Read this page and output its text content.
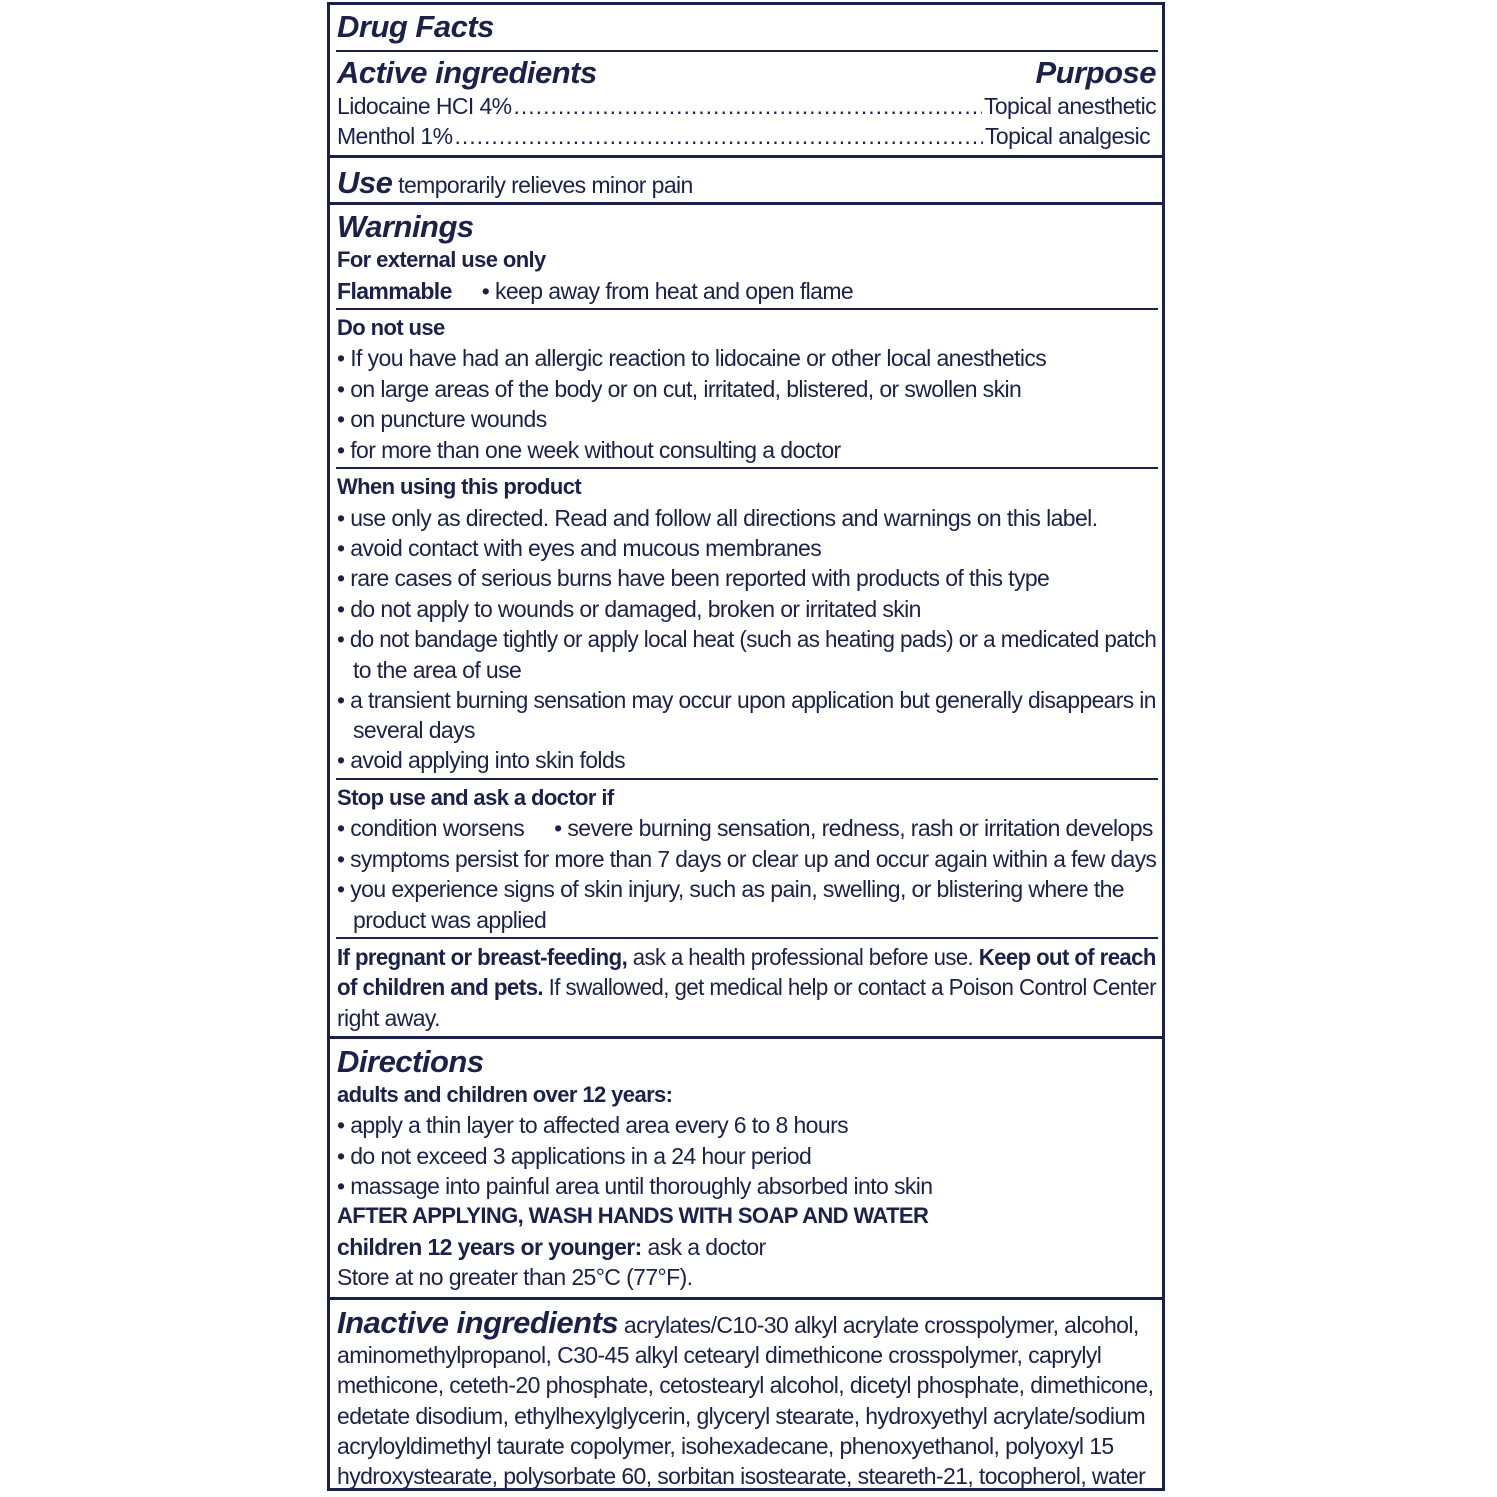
Drug Facts
Active ingredients	Purpose
Lidocaine HCI 4% .....	Topical anesthetic
Menthol 1% .....	Topical analgesic
Use temporarily relieves minor pain
Warnings
For external use only
Flammable • keep away from heat and open flame
Do not use
• If you have had an allergic reaction to lidocaine or other local anesthetics
• on large areas of the body or on cut, irritated, blistered, or swollen skin
• on puncture wounds
• for more than one week without consulting a doctor
When using this product
• use only as directed. Read and follow all directions and warnings on this label.
• avoid contact with eyes and mucous membranes
• rare cases of serious burns have been reported with products of this type
• do not apply to wounds or damaged, broken or irritated skin
• do not bandage tightly or apply local heat (such as heating pads) or a medicated patch
to the area of use
• a transient burning sensation may occur upon application but generally disappears in
several days
• avoid applying into skin folds
Stop use and ask a doctor if
• condition worsens • severe burning sensation, redness, rash or irritation develops
• symptoms persist for more than 7 days or clear up and occur again within a few days
• you experience signs of skin injury, such as pain, swelling, or blistering where the
product was applied
If pregnant or breast-feeding, ask a health professional before use. Keep out of reach
of children and pets. If swallowed, get medical help or contact a Poison Control Center
right away.
Directions
adults and children over 12 years:
• apply a thin layer to affected area every 6 to 8 hours
• do not exceed 3 applications in a 24 hour period
• massage into painful area until thoroughly absorbed into skin
AFTER APPLYING, WASH HANDS WITH SOAP AND WATER
children 12 years or younger: ask a doctor
Store at no greater than 25°C (77°F).
Inactive ingredients acrylates/C10-30 alkyl acrylate crosspolymer, alcohol,
aminomethylpropanol, C30-45 alkyl cetearyl dimethicone crosspolymer, caprylyl
methicone, ceteth-20 phosphate, cetostearyl alcohol, dicetyl phosphate, dimethicone,
edetate disodium, ethylhexylglycerin, glyceryl stearate, hydroxyethyl acrylate/sodium
acryloyldimethyl taurate copolymer, isohexadecane, phenoxyethanol, polyoxyl 15
hydroxystearate, polysorbate 60, sorbitan isostearate, steareth-21, tocopherol, water
